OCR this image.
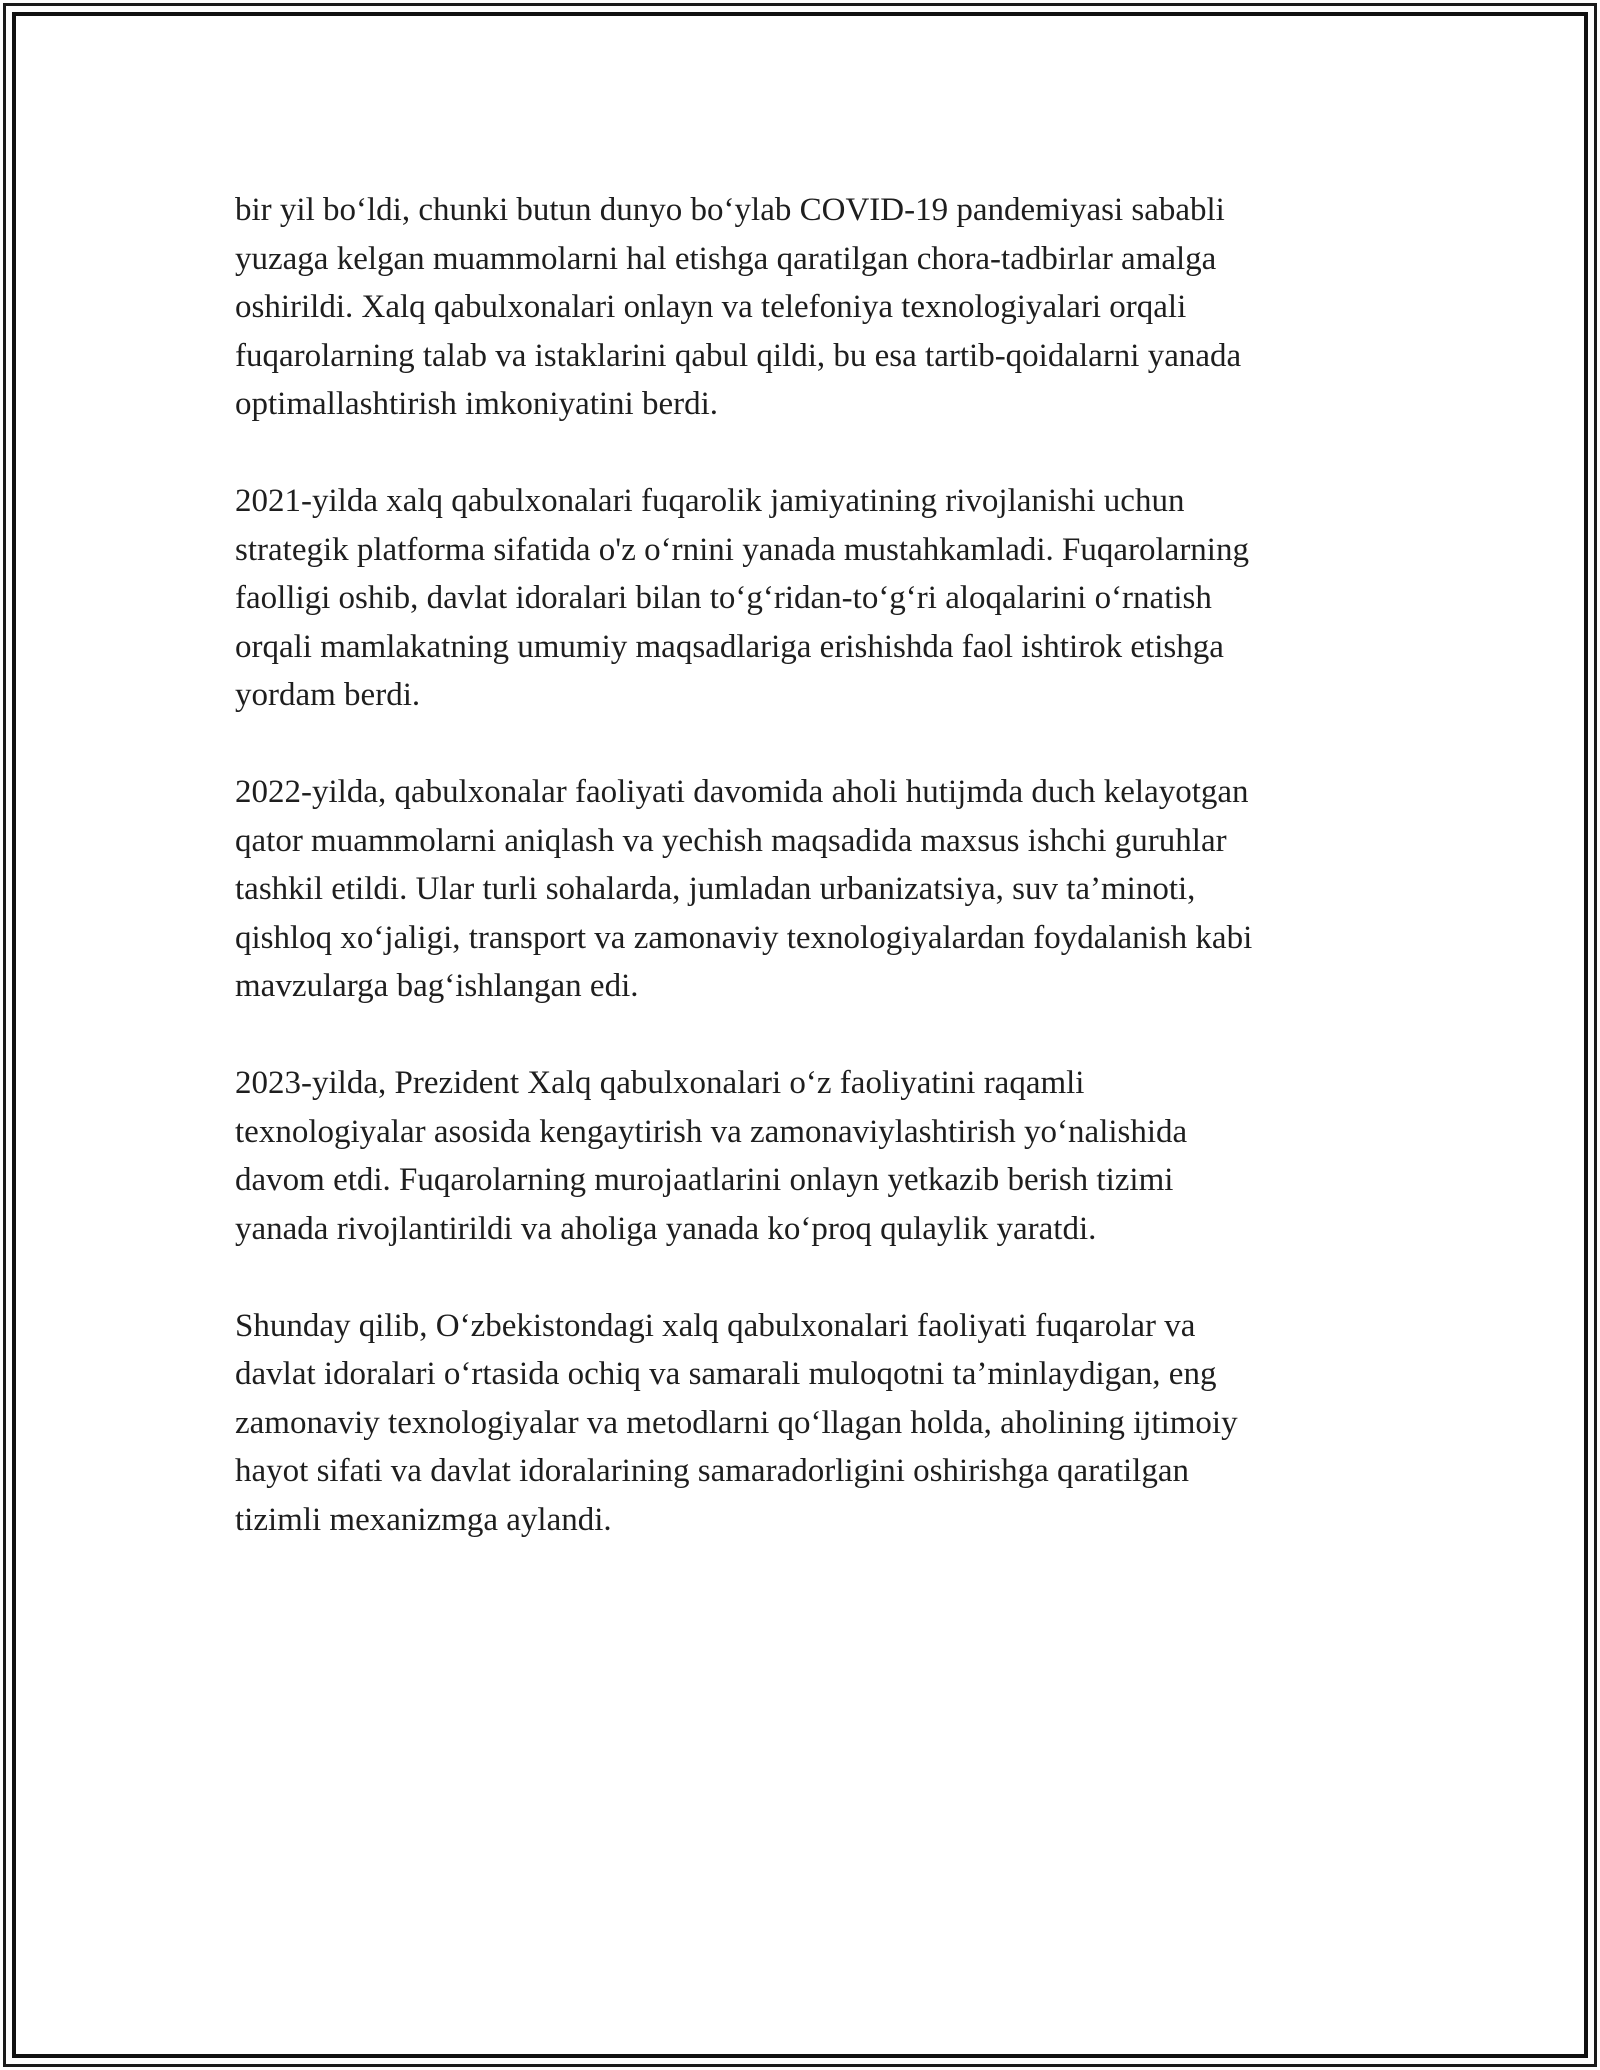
bir yil bo‘ldi, chunki butun dunyo bo‘ylab COVID-19 pandemiyasi sababli
yuzaga kelgan muammolarni hal etishga qaratilgan chora-tadbirlar amalga
oshirildi. Xalq qabulxonalari onlayn va telefoniya texnologiyalari orqali
fuqarolarning talab va istaklarini qabul qildi, bu esa tartib-qoidalarni yanada
optimallashtirish imkoniyatini berdi.

2021-yilda xalq qabulxonalari fuqarolik jamiyatining rivojlanishi uchun
strategik platforma sifatida o'z o‘rnini yanada mustahkamladi. Fuqarolarning
faolligi oshib, davlat idoralari bilan to‘g‘ridan-to‘g‘ri aloqalarini o‘rnatish
orqali mamlakatning umumiy maqsadlariga erishishda faol ishtirok etishga
yordam berdi.

2022-yilda, qabulxonalar faoliyati davomida aholi hutijmda duch kelayotgan
qator muammolarni aniqlash va yechish maqsadida maxsus ishchi guruhlar
tashkil etildi. Ular turli sohalarda, jumladan urbanizatsiya, suv ta’minoti,
qishloq xo‘jaligi, transport va zamonaviy texnologiyalardan foydalanish kabi
mavzularga bag‘ishlangan edi.

2023-yilda, Prezident Xalq qabulxonalari o‘z faoliyatini raqamli
texnologiyalar asosida kengaytirish va zamonaviylashtirish yo‘nalishida
davom etdi. Fuqarolarning murojaatlarini onlayn yetkazib berish tizimi
yanada rivojlantirildi va aholiga yanada ko‘proq qulaylik yaratdi.

Shunday qilib, O‘zbekistondagi xalq qabulxonalari faoliyati fuqarolar va
davlat idoralari o‘rtasida ochiq va samarali muloqotni ta’minlaydigan, eng
zamonaviy texnologiyalar va metodlarni qo‘llagan holda, aholining ijtimoiy
hayot sifati va davlat idoralarining samaradorligini oshirishga qaratilgan
tizimli mexanizmga aylandi.
